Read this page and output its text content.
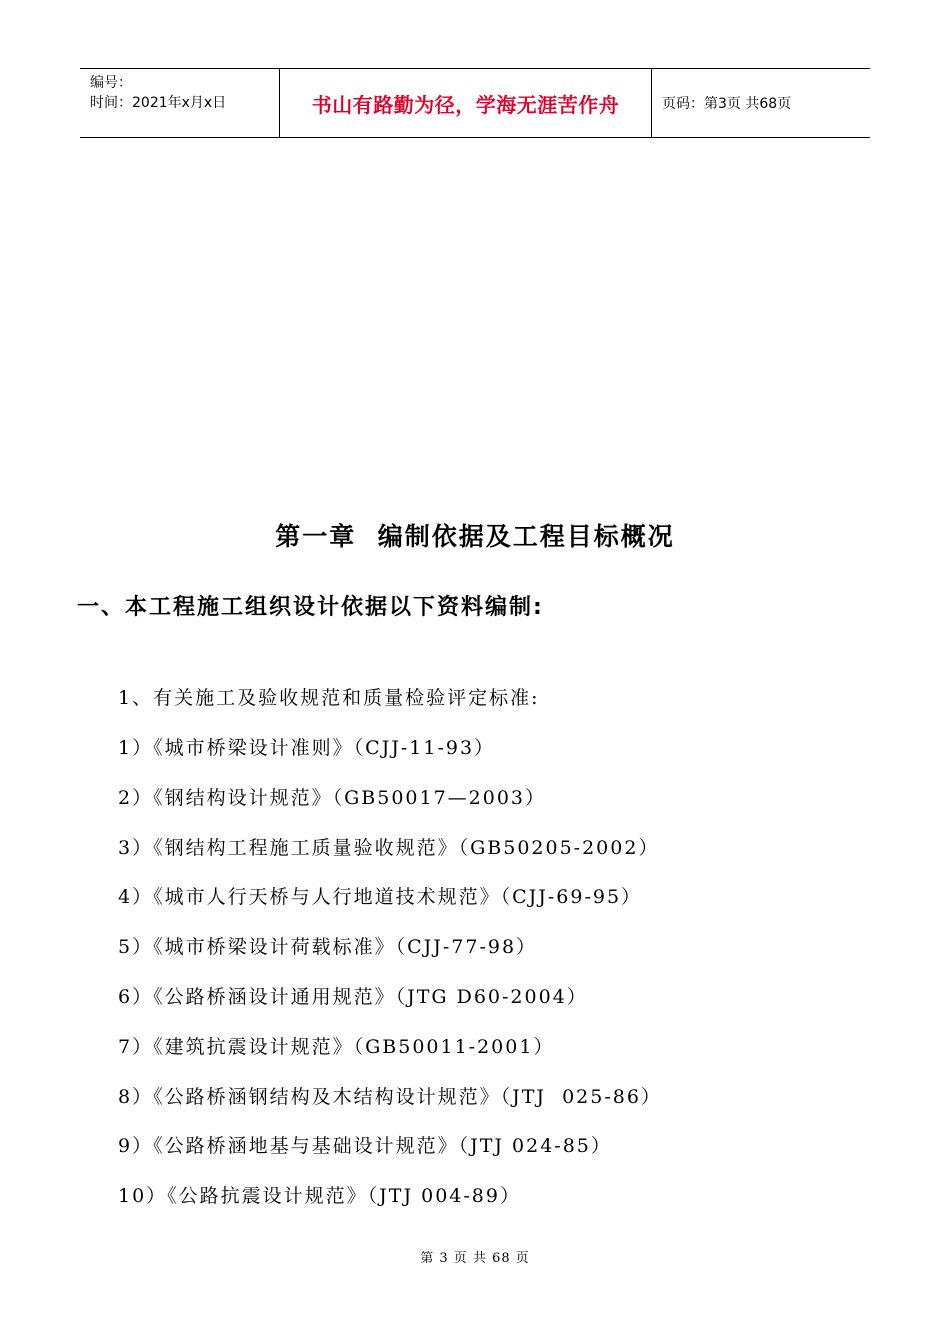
编号：
时间：2021年x月x日	书山有路勤为径，学海无涯苦作舟	页码：第3页 共68页
第一章  编制依据及工程目标概况
一、本工程施工组织设计依据以下资料编制:
1、有关施工及验收规范和质量检验评定标准:
1）《城市桥梁设计准则》（CJJ-11-93）
2）《钢结构设计规范》（GB50017—2003）
3）《钢结构工程施工质量验收规范》（GB50205-2002）
4）《城市人行天桥与人行地道技术规范》（CJJ-69-95）
5）《城市桥梁设计荷载标准》（CJJ-77-98）
6）《公路桥涵设计通用规范》（JTG D60-2004）
7）《建筑抗震设计规范》（GB50011-2001）
8）《公路桥涵钢结构及木结构设计规范》（JTJ  025-86）
9）《公路桥涵地基与基础设计规范》（JTJ 024-85）
10）《公路抗震设计规范》（JTJ 004-89）
第 3 页 共 68 页
